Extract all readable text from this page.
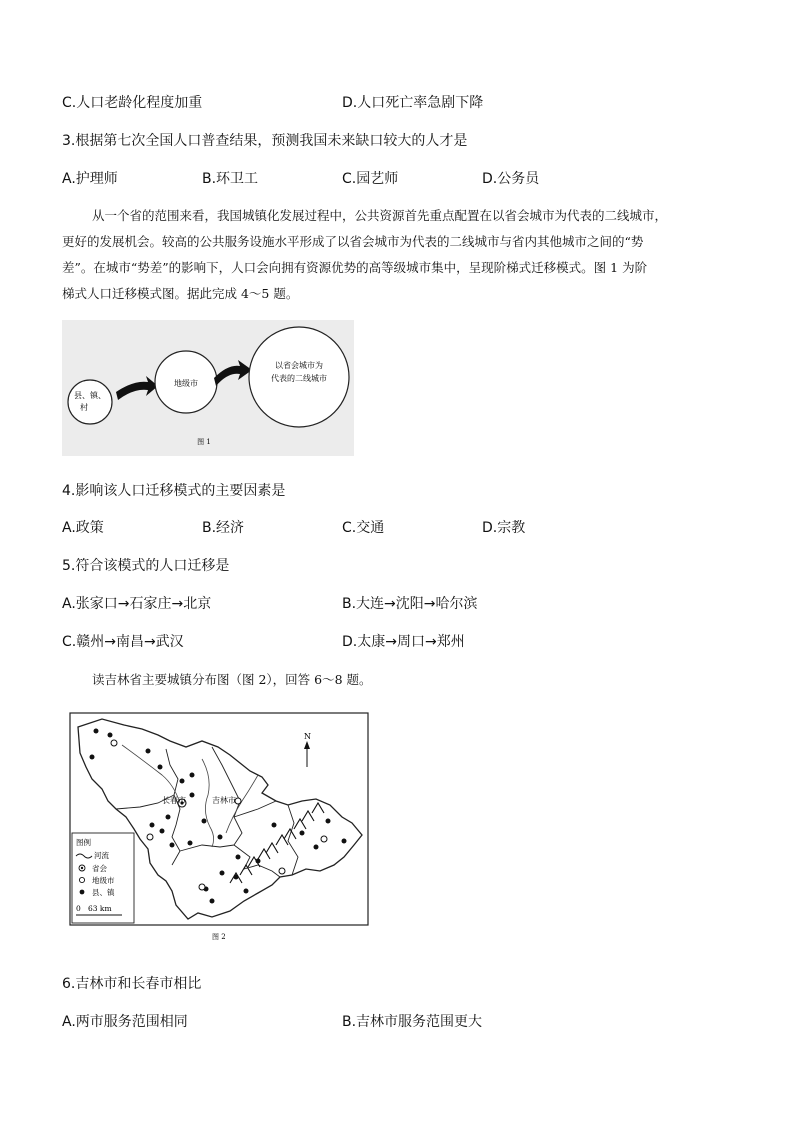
C.人口老龄化程度加重	D.人口死亡率急剧下降
3.根据第七次全国人口普查结果，预测我国未来缺口较大的人才是
A.护理师	B.环卫工	C.园艺师	D.公务员
从一个省的范围来看，我国城镇化发展过程中，公共资源首先重点配置在以省会城市为代表的二线城市，
更好的发展机会。较高的公共服务设施水平形成了以省会城市为代表的二线城市与省内其他城市之间的“势
差”。在城市“势差”的影响下，人口会向拥有资源优势的高等级城市集中，呈现阶梯式迁移模式。图 1 为阶
梯式人口迁移模式图。据此完成 4～5 题。
县、镇、
村
地级市
以省会城市为
代表的二线城市
图 1
4.影响该人口迁移模式的主要因素是
A.政策	B.经济	C.交通	D.宗教
5.符合该模式的人口迁移是
A.张家口→石家庄→北京	B.大连→沈阳→哈尔滨
C.赣州→南昌→武汉	D.太康→周口→郑州
读吉林省主要城镇分布图（图 2），回答 6～8 题。
长春市	吉林市
N
图例
河流
省会
地级市
县、镇
0 63 km
图 2
6.吉林市和长春市相比
A.两市服务范围相同	B.吉林市服务范围更大
